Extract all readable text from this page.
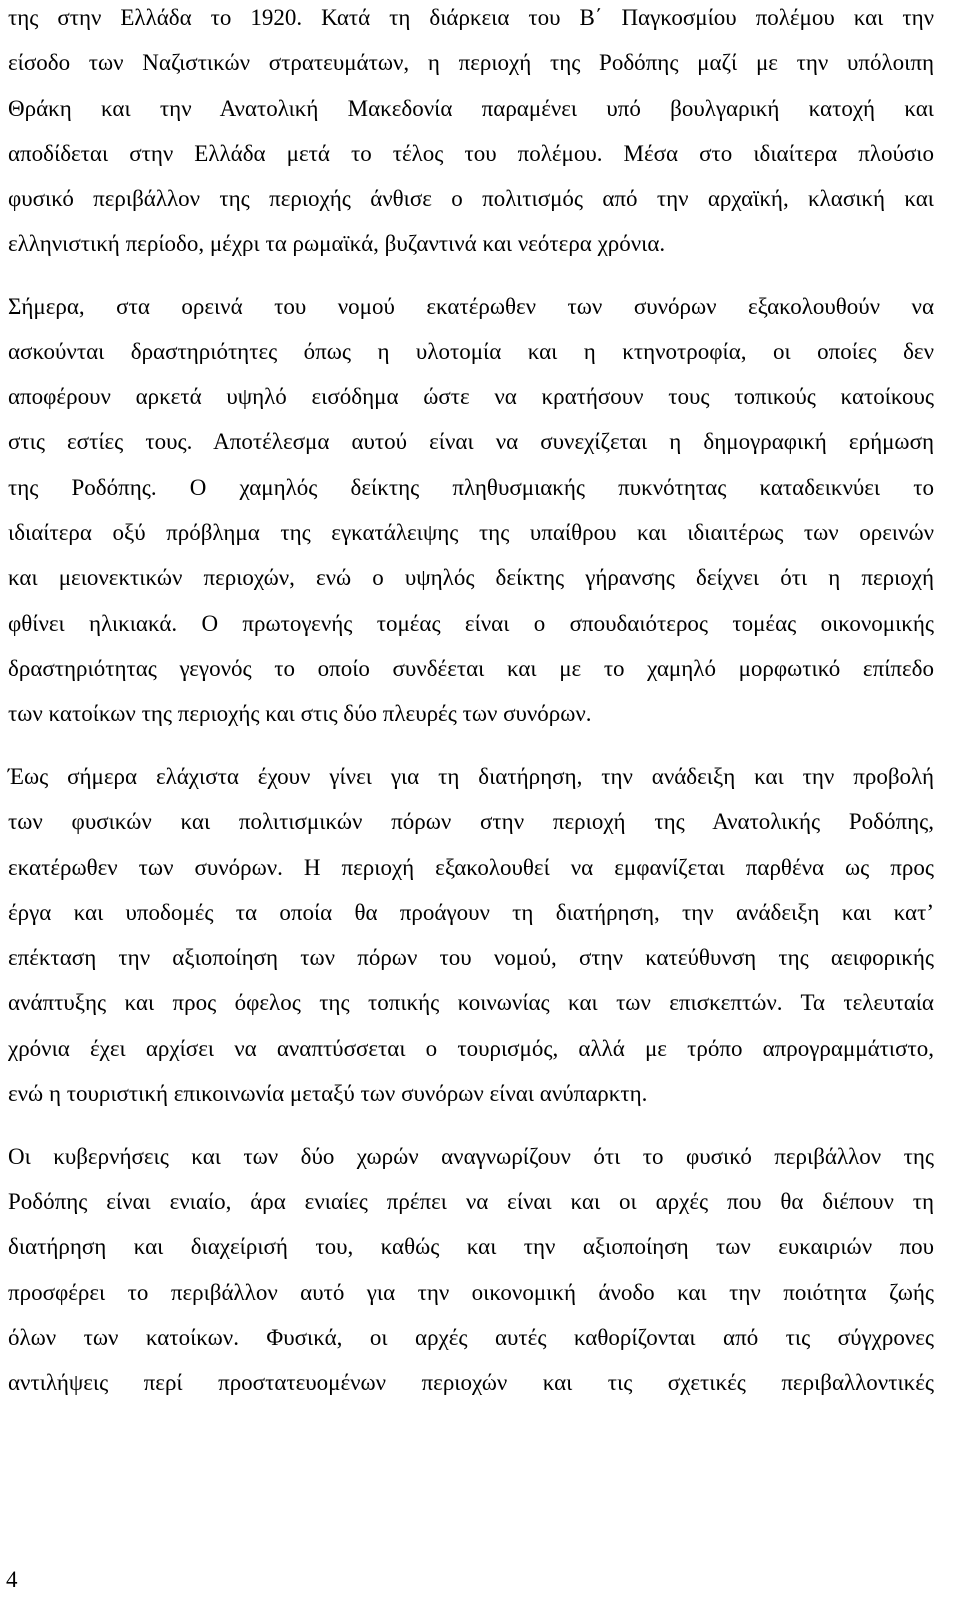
της στην Ελλάδα το 1920. Κατά τη διάρκεια του Β΄ Παγκοσμίου πολέμου και την
είσοδο των Ναζιστικών στρατευμάτων, η περιοχή της Ροδόπης μαζί με την υπόλοιπη
Θράκη και την Ανατολική Μακεδονία παραμένει υπό βουλγαρική κατοχή και
αποδίδεται στην Ελλάδα μετά το τέλος του πολέμου. Μέσα στο ιδιαίτερα πλούσιο
φυσικό περιβάλλον της περιοχής άνθισε ο πολιτισμός από την αρχαϊκή, κλασική και
ελληνιστική περίοδο, μέχρι τα ρωμαϊκά, βυζαντινά και νεότερα χρόνια.
Σήμερα, στα ορεινά του νομού εκατέρωθεν των συνόρων εξακολουθούν να
ασκούνται δραστηριότητες όπως η υλοτομία και η κτηνοτροφία, οι οποίες δεν
αποφέρουν αρκετά υψηλό εισόδημα ώστε να κρατήσουν τους τοπικούς κατοίκους
στις εστίες τους. Αποτέλεσμα αυτού είναι να συνεχίζεται η δημογραφική ερήμωση
της Ροδόπης. Ο χαμηλός δείκτης πληθυσμιακής πυκνότητας καταδεικνύει το
ιδιαίτερα οξύ πρόβλημα της εγκατάλειψης της υπαίθρου και ιδιαιτέρως των ορεινών
και μειονεκτικών περιοχών, ενώ ο υψηλός δείκτης γήρανσης δείχνει ότι η περιοχή
φθίνει ηλικιακά. Ο πρωτογενής τομέας είναι ο σπουδαιότερος τομέας οικονομικής
δραστηριότητας γεγονός το οποίο συνδέεται και με το χαμηλό μορφωτικό επίπεδο
των κατοίκων της περιοχής και στις δύο πλευρές των συνόρων.
Έως σήμερα ελάχιστα έχουν γίνει για τη διατήρηση, την ανάδειξη και την προβολή
των φυσικών και πολιτισμικών πόρων στην περιοχή της Ανατολικής Ροδόπης,
εκατέρωθεν των συνόρων. Η περιοχή εξακολουθεί να εμφανίζεται παρθένα ως προς
έργα και υποδομές τα οποία θα προάγουν τη διατήρηση, την ανάδειξη και κατ’
επέκταση την αξιοποίηση των πόρων του νομού, στην κατεύθυνση της αειφορικής
ανάπτυξης και προς όφελος της τοπικής κοινωνίας και των επισκεπτών. Τα τελευταία
χρόνια έχει αρχίσει να αναπτύσσεται ο τουρισμός, αλλά με τρόπο απρογραμμάτιστο,
ενώ η τουριστική επικοινωνία μεταξύ των συνόρων είναι ανύπαρκτη.
Οι κυβερνήσεις και των δύο χωρών αναγνωρίζουν ότι το φυσικό περιβάλλον της
Ροδόπης είναι ενιαίο, άρα ενιαίες πρέπει να είναι και οι αρχές που θα διέπουν τη
διατήρηση και διαχείρισή του, καθώς και την αξιοποίηση των ευκαιριών που
προσφέρει το περιβάλλον αυτό για την οικονομική άνοδο και την ποιότητα ζωής
όλων των κατοίκων. Φυσικά, οι αρχές αυτές καθορίζονται από τις σύγχρονες
αντιλήψεις περί προστατευομένων περιοχών και τις σχετικές περιβαλλοντικές
4
